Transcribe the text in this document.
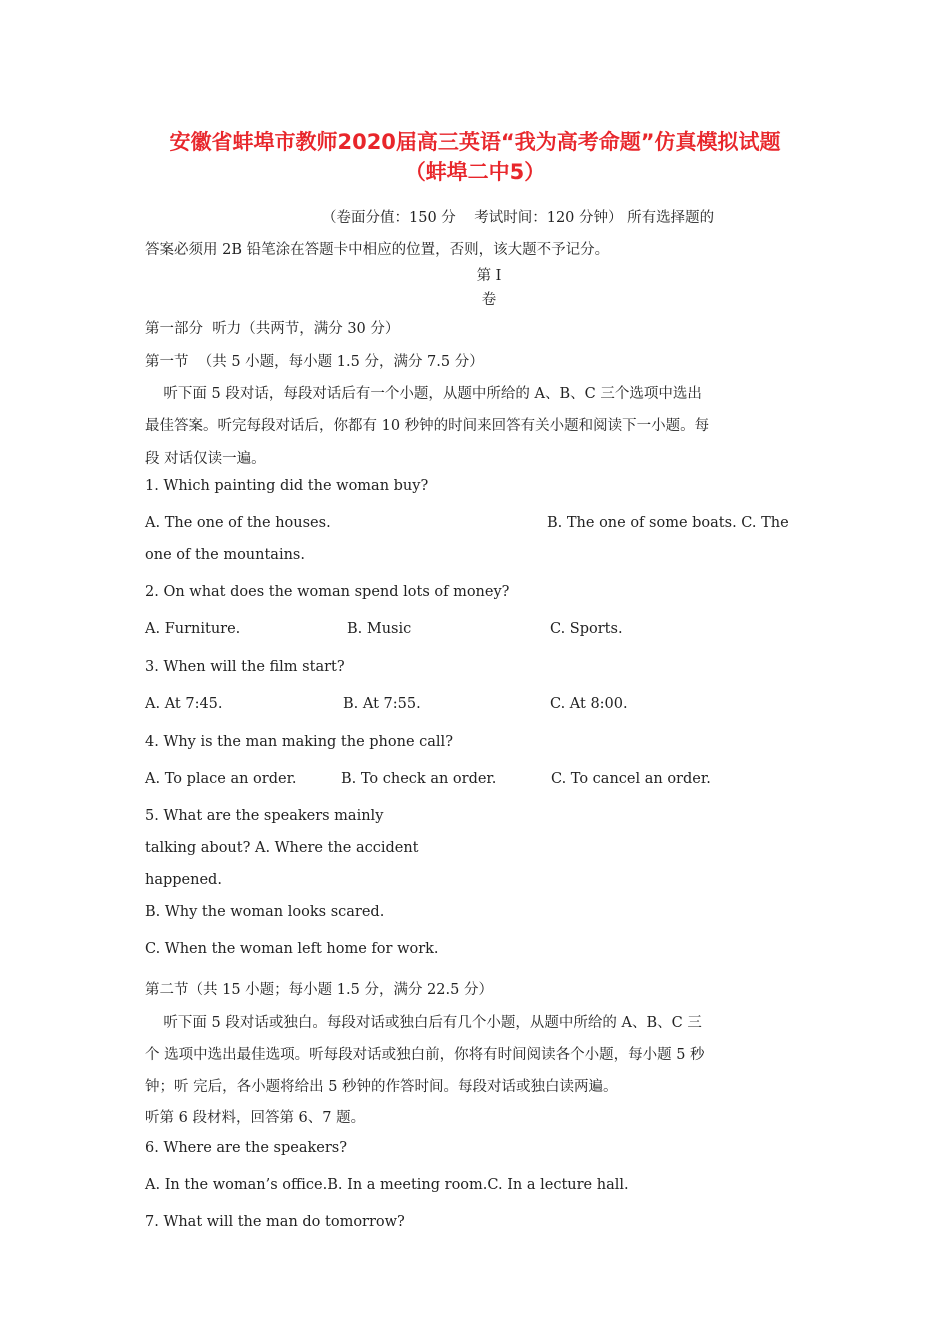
安徽省蚌埠市教师2020届高三英语“我为高考命题”仿真模拟试题
（蚌埠二中5）
（卷面分值：150 分    考试时间：120 分钟） 所有选择题的
答案必须用 2B 铅笔涂在答题卡中相应的位置，否则，该大题不予记分。
第 I
卷
第一部分  听力（共两节，满分 30 分）
第一节  （共 5 小题，每小题 1.5 分，满分 7.5 分）
听下面 5 段对话，每段对话后有一个小题，从题中所给的 A、B、C 三个选项中选出
最佳答案。听完每段对话后，你都有 10 秒钟的时间来回答有关小题和阅读下一小题。每
段 对话仅读一遍。
1. Which painting did the woman buy?
A. The one of the houses.	B. The one of some boats. C. The
one of the mountains.
2. On what does the woman spend lots of money?
A. Furniture.	B. Music	C. Sports.
3. When will the film start?
A. At 7:45.	B. At 7:55.	C. At 8:00.
4. Why is the man making the phone call?
A. To place an order.	B. To check an order.	C. To cancel an order.
5. What are the speakers mainly
talking about? A. Where the accident
happened.
B. Why the woman looks scared.
C. When the woman left home for work.
第二节（共 15 小题；每小题 1.5 分，满分 22.5 分）
听下面 5 段对话或独白。每段对话或独白后有几个小题，从题中所给的 A、B、C 三
个 选项中选出最佳选项。听每段对话或独白前，你将有时间阅读各个小题，每小题 5 秒
钟；听 完后，各小题将给出 5 秒钟的作答时间。每段对话或独白读两遍。
听第 6 段材料，回答第 6、7 题。
6. Where are the speakers?
A. In the woman’s office.B. In a meeting room.C. In a lecture hall.
7. What will the man do tomorrow?
